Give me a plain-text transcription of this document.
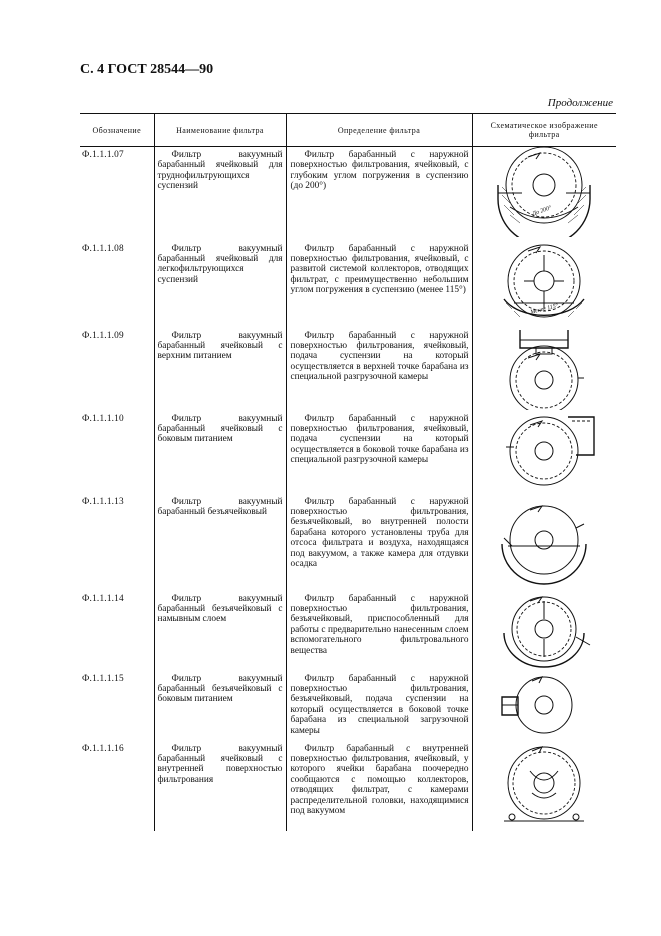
С. 4 ГОСТ 28544—90
Продолжение
Обозначение	Наименование фильтра	Определение фильтра	Схематическое изображение фильтра
Ф.1.1.1.07	Фильтр вакуумный барабанный ячейковый для труднофильтрующихся суспензий	Фильтр барабанный с наружной поверхностью фильтрования, ячейковый, с глубоким углом погружения в суспензию (до 200°)	До 200°

Ф.1.1.1.08	Фильтр вакуумный барабанный ячейковый для легкофильтрующихся суспензий	Фильтр барабанный с наружной поверхностью фильтрования, ячейковый, с развитой системой коллекторов, отводящих фильтрат, с преимущественно небольшим углом погружения в суспензию (менее 115°)	Менее 115°

Ф.1.1.1.09	Фильтр вакуумный барабанный ячейковый с верхним питанием	Фильтр барабанный с наружной поверхностью фильтрования, ячейковый, подача суспензии на который осуществляется в верхней точке барабана из специальной разгрузочной камеры

Ф.1.1.1.10	Фильтр вакуумный барабанный ячейковый с боковым питанием	Фильтр барабанный с наружной поверхностью фильтрования, ячейковый, подача суспензии на который осуществляется в боковой точке барабана из специальной разгрузочной камеры

Ф.1.1.1.13	Фильтр вакуумный барабанный безъячейковый	Фильтр барабанный с наружной поверхностью фильтрования, безъячейковый, во внутренней полости барабана которого установлены труба для отсоса фильтрата и воздуха, находящаяся под вакуумом, а также камера для отдувки осадка

Ф.1.1.1.14	Фильтр вакуумный барабанный безъячейковый с намывным слоем	Фильтр барабанный с наружной поверхностью фильтрования, безъячейковый, приспособленный для работы с предварительно нанесенным слоем вспомогательного фильтровального вещества

Ф.1.1.1.15	Фильтр вакуумный барабанный безъячейковый с боковым питанием	Фильтр барабанный с наружной поверхностью фильтрования, безъячейковый, подача суспензии на который осуществляется в боковой точке барабана из специальной загрузочной камеры

Ф.1.1.1.16	Фильтр вакуумный барабанный ячейковый с внутренней поверхностью фильтрования	Фильтр барабанный с внутренней поверхностью фильтрования, ячейковый, у которого ячейки барабана поочередно сообщаются с помощью коллекторов, отводящих фильтрат, с камерами распределительной головки, находящимися под вакуумом
